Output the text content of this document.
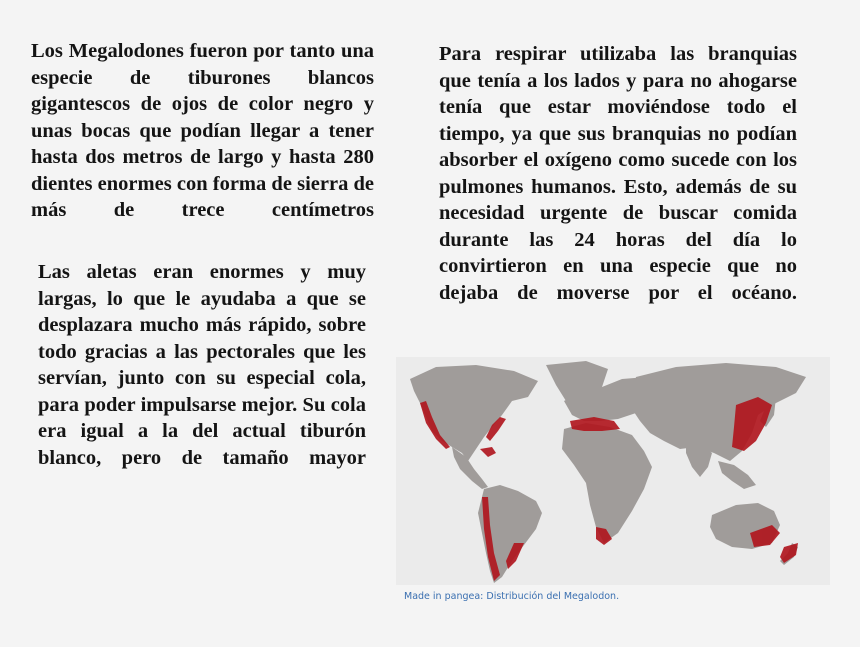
Los Megalodones fueron por tanto una especie de tiburones blancos gigantescos de ojos de color negro y unas bocas que podían llegar a tener hasta dos metros de largo y hasta 280 dientes enormes con forma de sierra de más de trece centímetros

Las aletas eran enormes y muy largas, lo que le ayudaba a que se desplazara mucho más rápido, sobre todo gracias a las pectorales que les servían, junto con su especial cola, para poder impulsarse mejor. Su cola era igual a la del actual tiburón blanco, pero de tamaño mayor

Para respirar utilizaba las branquias que tenía a los lados y para no ahogarse tenía que estar moviéndose todo el tiempo, ya que sus branquias no podían absorber el oxígeno como sucede con los pulmones humanos. Esto, además de su necesidad urgente de buscar comida durante las 24 horas del día lo convirtieron en una especie que no dejaba de moverse por el océano.

Made in pangea: Distribución del Megalodon.
